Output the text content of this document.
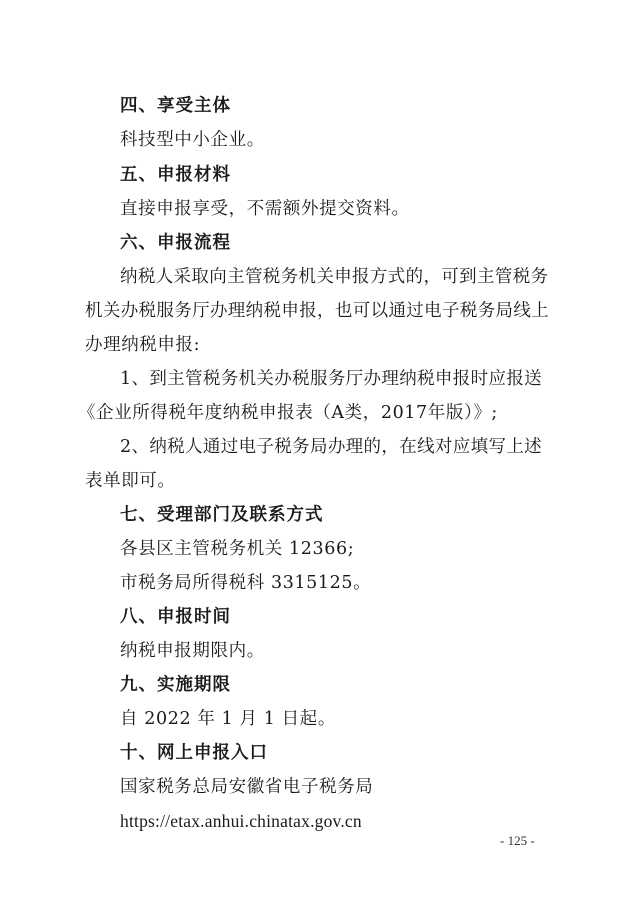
四、享受主体
科技型中小企业。
五、申报材料
直接申报享受，不需额外提交资料。
六、申报流程
纳税人采取向主管税务机关申报方式的，可到主管税务
机关办税服务厅办理纳税申报，也可以通过电子税务局线上
办理纳税申报:
1、到主管税务机关办税服务厅办理纳税申报时应报送
《企业所得税年度纳税申报表（A类，2017年版）》;
2、纳税人通过电子税务局办理的，在线对应填写上述
表单即可。
七、受理部门及联系方式
各县区主管税务机关 12366;
市税务局所得税科 3315125。
八、申报时间
纳税申报期限内。
九、实施期限
自 2022 年 1 月 1 日起。
十、网上申报入口
国家税务总局安徽省电子税务局
https://etax.anhui.chinatax.gov.cn
- 125 -
